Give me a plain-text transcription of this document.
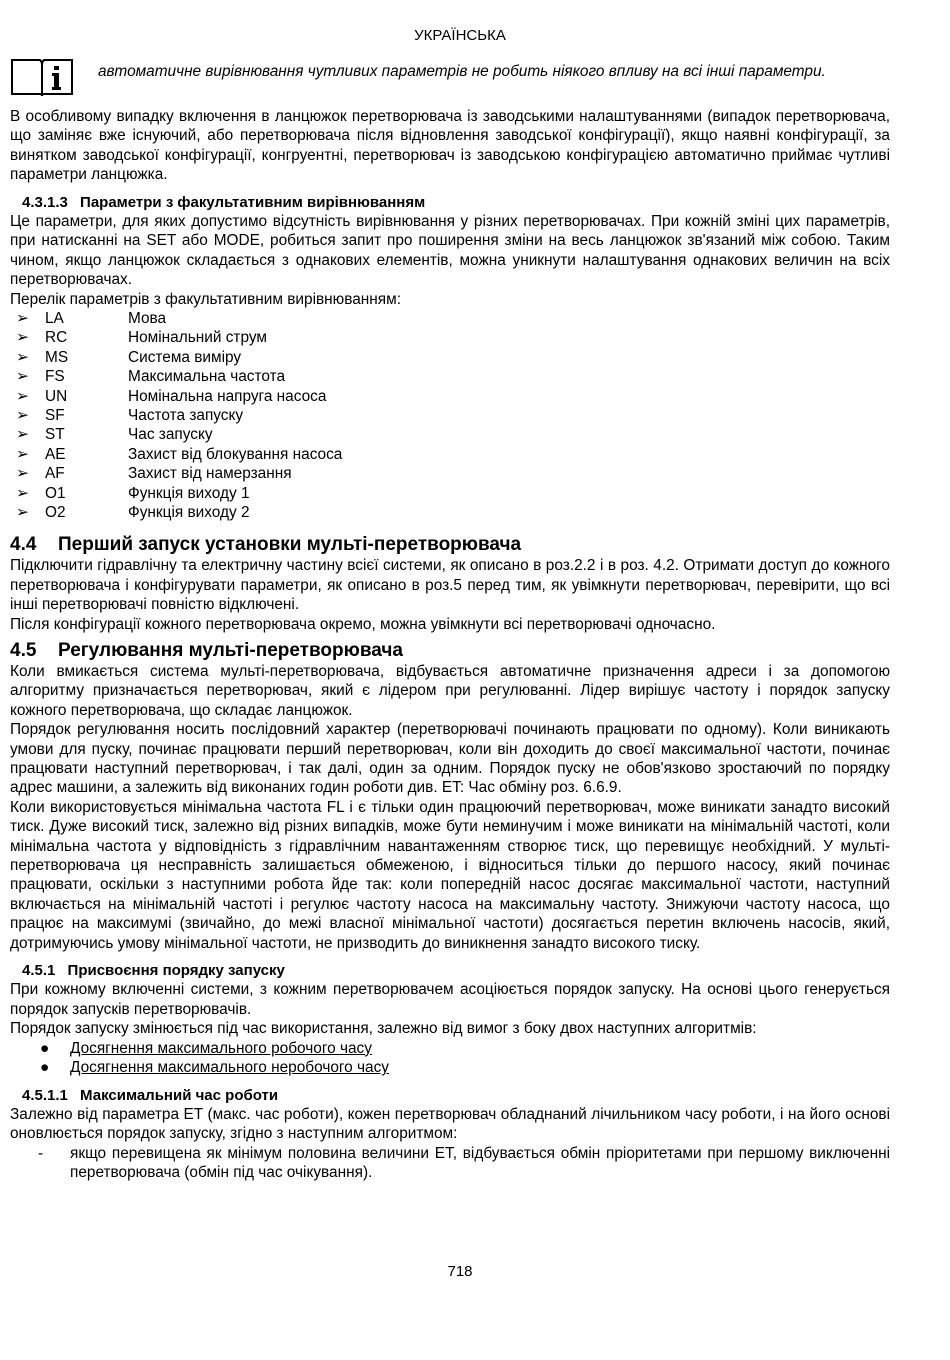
УКРАЇНСЬКА
автоматичне вирівнювання чутливих параметрів не робить ніякого впливу на всі інші параметри.

В особливому випадку включення в ланцюжок перетворювача із заводськими налаштуваннями (випадок перетворювача, що заміняє вже існуючий, або перетворювача після відновлення заводської конфігурації), якщо наявні конфігурації, за винятком заводської конфігурації, конгруентні, перетворювач із заводською конфігурацією автоматично приймає чутливі параметри ланцюжка.

4.3.1.3 Параметри з факультативним вирівнюванням

Це параметри, для яких допустимо відсутність вирівнювання у різних перетворювачах. При кожній зміні цих параметрів, при натисканні на SET або MODE, робиться запит про поширення зміни на весь ланцюжок зв'язаний між собою. Таким чином, якщо ланцюжок складається з однакових елементів, можна уникнути налаштування однакових величин на всіх перетворювачах.

Перелік параметрів з факультативним вирівнюванням:

➢ LA	Мова
➢ RC	Номінальний струм
➢ MS	Система виміру
➢ FS	Максимальна частота
➢ UN	Номінальна напруга насоса
➢ SF	Частота запуску
➢ ST	Час запуску
➢ AE	Захист від блокування насоса
➢ AF	Захист від намерзання
➢ O1	Функція виходу 1
➢ O2	Функція виходу 2
4.4 Перший запуск установки мульті-перетворювача

Підключити гідравлічну та електричну частину всієї системи, як описано в роз.2.2 і в роз. 4.2. Отримати доступ до кожного перетворювача і конфігурувати параметри, як описано в роз.5 перед тим, як увімкнути перетворювач, перевірити, що всі інші перетворювачі повністю відключені.

Після конфігурації кожного перетворювача окремо, можна увімкнути всі перетворювачі одночасно.

4.5 Регулювання мульті-перетворювача

Коли вмикається система мульті-перетворювача, відбувається автоматичне призначення адреси і за допомогою алгоритму призначається перетворювач, який є лідером при регулюванні. Лідер вирішує частоту і порядок запуску кожного перетворювача, що складає ланцюжок.

Порядок регулювання носить послідовний характер (перетворювачі починають працювати по одному). Коли виникають умови для пуску, починає працювати перший перетворювач, коли він доходить до своєї максимальної частоти, починає працювати наступний перетворювач, і так далі, один за одним. Порядок пуску не обов'язково зростаючий по порядку адрес машини, а залежить від виконаних годин роботи див. ET: Час обміну роз. 6.6.9.

Коли використовується мінімальна частота FL і є тільки один працюючий перетворювач, може виникати занадто високий тиск. Дуже високий тиск, залежно від різних випадків, може бути неминучим і може виникати на мінімальній частоті, коли мінімальна частота у відповідність з гідравлічним навантаженням створює тиск, що перевищує необхідний. У мульті-перетворювача ця несправність залишається обмеженою, і відноситься тільки до першого насосу, який починає працювати, оскільки з наступними робота йде так: коли попередній насос досягає максимальної частоти, наступний включається на мінімальній частоті і регулює частоту насоса на максимальну частоту. Знижуючи частоту насоса, що працює на максимумі (звичайно, до межі власної мінімальної частоти) досягається перетин включень насосів, який, дотримуючись умову мінімальної частоти, не призводить до виникнення занадто високого тиску.

4.5.1 Присвоєння порядку запуску

При кожному включенні системи, з кожним перетворювачем асоціюється порядок запуску. На основі цього генерується порядок запусків перетворювачів.

Порядок запуску змінюється під час використання, залежно від вимог з боку двох наступних алгоритмів:

● Досягнення максимального робочого часу
● Досягнення максимального неробочого часу
4.5.1.1 Максимальний час роботи

Залежно від параметра ET (макс. час роботи), кожен перетворювач обладнаний лічильником часу роботи, і на його основі оновлюється порядок запуску, згідно з наступним алгоритмом:

- якщо перевищена як мінімум половина величини ET, відбувається обмін пріоритетами при першому виключенні перетворювача (обмін під час очікування).
718
